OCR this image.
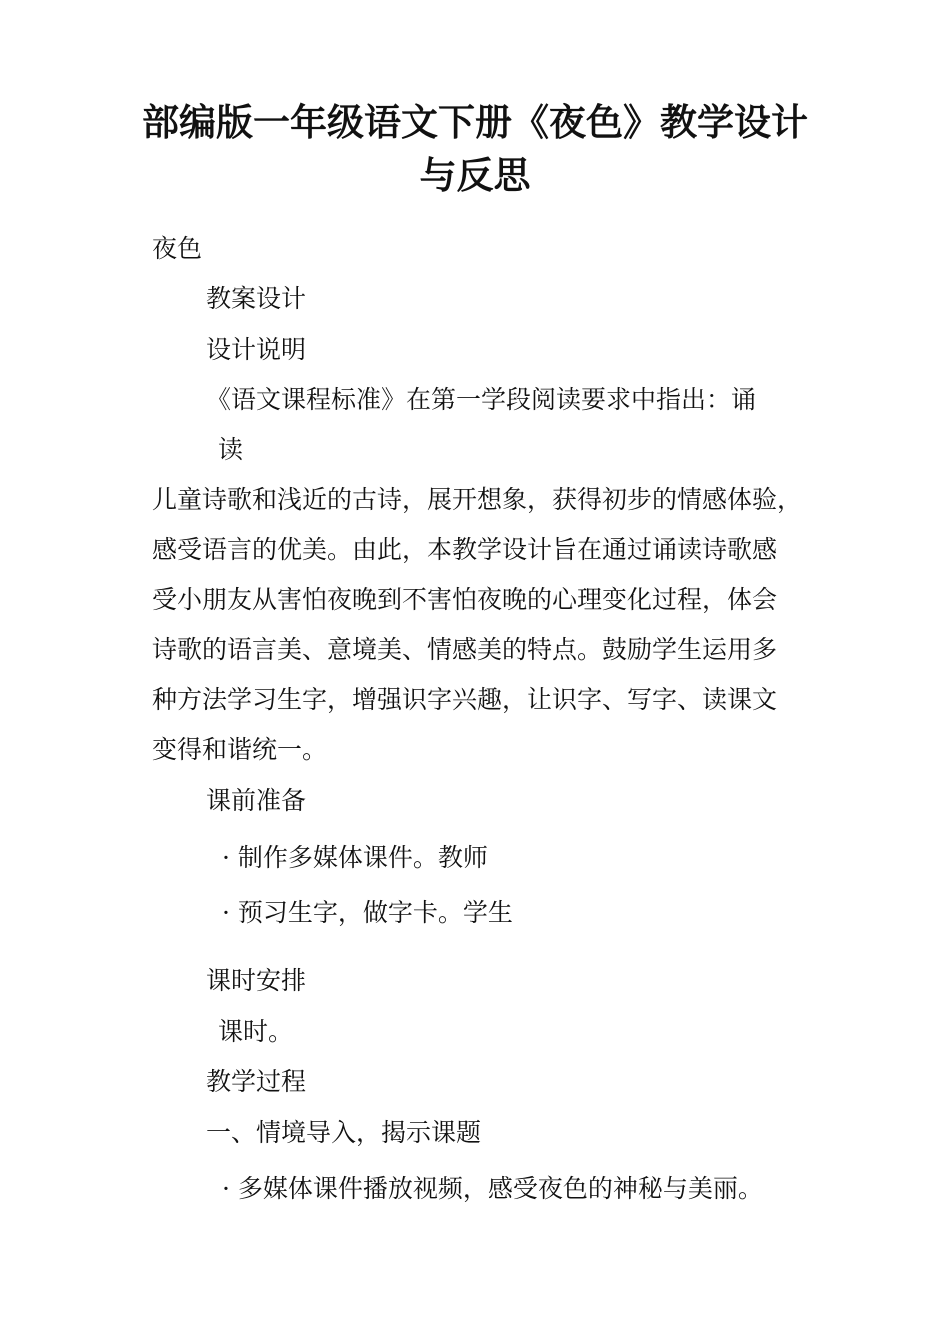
部编版一年级语文下册《夜色》教学设计
与反思

夜色

教案设计

设计说明

《语文课程标准》在第一学段阅读要求中指出：诵

读

儿童诗歌和浅近的古诗，展开想象，获得初步的情感体验，

感受语言的优美。由此，本教学设计旨在通过诵读诗歌感

受小朋友从害怕夜晚到不害怕夜晚的心理变化过程，体会

诗歌的语言美、意境美、情感美的特点。鼓励学生运用多

种方法学习生字，增强识字兴趣，让识字、写字、读课文

变得和谐统一。

课前准备

· 制作多媒体课件。教师

· 预习生字，做字卡。学生

课时安排

课时。

教学过程

一、情境导入，揭示课题

· 多媒体课件播放视频，感受夜色的神秘与美丽。
